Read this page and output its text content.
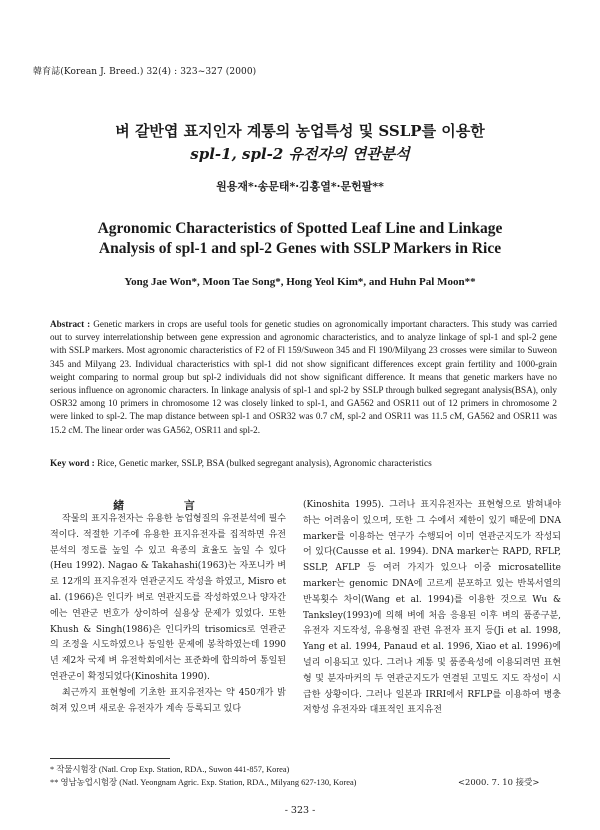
韓育誌(Korean J. Breed.) 32(4) : 323~327 (2000)
벼 갈반엽 표지인자 계통의 농업특성 및 SSLP를 이용한
spl-1, spl-2 유전자의 연관분석
원용재*·송문태*·김홍열*·문헌팔**
Agronomic Characteristics of Spotted Leaf Line and Linkage
Analysis of spl-1 and spl-2 Genes with SSLP Markers in Rice
Yong Jae Won*, Moon Tae Song*, Hong Yeol Kim*, and Huhn Pal Moon**
Abstract : Genetic markers in crops are useful tools for genetic studies on agronomically important characters. This study was carried out to survey interrelationship between gene expression and agronomic characteristics, and to analyze linkage of spl-1 and spl-2 gene with SSLP markers. Most agronomic characteristics of F2 of Fl 159/Suweon 345 and Fl 190/Milyang 23 crosses were similar to Suweon 345 and Milyang 23. Individual characteristics with spl-1 did not show significant differences except grain fertility and 1000-grain weight comparing to normal group but spl-2 individuals did not show significant difference. It means that genetic markers have no serious influence on agronomic characters. In linkage analysis of spl-1 and spl-2 by SSLP through bulked segregant analysis(BSA), only OSR32 among 10 primers in chromosome 12 was closely linked to spl-1, and GA562 and OSR11 out of 12 primers in chromosome 2 were linked to spl-2. The map distance between spl-1 and OSR32 was 0.7 cM, spl-2 and OSR11 was 11.5 cM, GA562 and OSR11 was 15.2 cM. The linear order was GA562, OSR11 and spl-2.
Key word : Rice, Genetic marker, SSLP, BSA (bulked segregant analysis), Agronomic characteristics
緒 言

작물의 표지유전자는 유용한 농업형질의 유전분석에 필수적이다. 적절한 기주에 유용한 표지유전자를 집적하면 유전분석의 정도를 높일 수 있고 육종의 효율도 높일 수 있다(Heu 1992). Nagao & Takahashi(1963)는 자포니카 벼로 12개의 표지유전자 연관군지도 작성을 하였고, Misro et al. (1966)은 인디카 벼로 연관지도를 작성하였으나 양자간에는 연관군 번호가 상이하여 실용상 문제가 있었다. 또한 Khush & Singh(1986)은 인디카의 trisomics로 연관군의 조정을 시도하였으나 동일한 문제에 봉착하였는데 1990년 제2차 국제 벼 유전학회에서는 표준화에 합의하여 통일된 연관군이 확정되었다(Kinoshita 1990).

최근까지 표현형에 기초한 표지유전자는 약 450개가 밝혀져 있으며 새로운 유전자가 계속 등록되고 있다

(Kinoshita 1995). 그러나 표지유전자는 표현형으로 밝혀내야 하는 어려움이 있으며, 또한 그 수에서 제한이 있기 때문에 DNA marker를 이용하는 연구가 수행되어 이미 연관군지도가 작성되어 있다(Causse et al. 1994). DNA marker는 RAPD, RFLP, SSLP, AFLP 등 여러 가지가 있으나 이중 microsatellite marker는 genomic DNA에 고르게 분포하고 있는 반복서열의 반복횟수 차이(Wang et al. 1994)를 이용한 것으로 Wu & Tanksley(1993)에 의해 벼에 처음 응용된 이후 벼의 품종구분, 유전자 지도작성, 유용형질 관련 유전자 표지 등(Ji et al. 1998, Yang et al. 1994, Panaud et al. 1996, Xiao et al. 1996)에 널리 이용되고 있다. 그러나 계통 및 품종육성에 이용되려면 표현형 및 분자마커의 두 연관군지도가 연결된 고밀도 지도 작성이 시급한 상황이다. 그러나 일본과 IRRI에서 RFLP를 이용하여 병충 저항성 유전자와 대표적인 표지유전

* 작물시험장 (Natl. Crop Exp. Station, RDA., Suwon 441-857, Korea)
** 영남농업시험장 (Natl. Yeongnam Agric. Exp. Station, RDA., Milyang 627-130, Korea)	<2000. 7. 10 接受>
- 323 -
